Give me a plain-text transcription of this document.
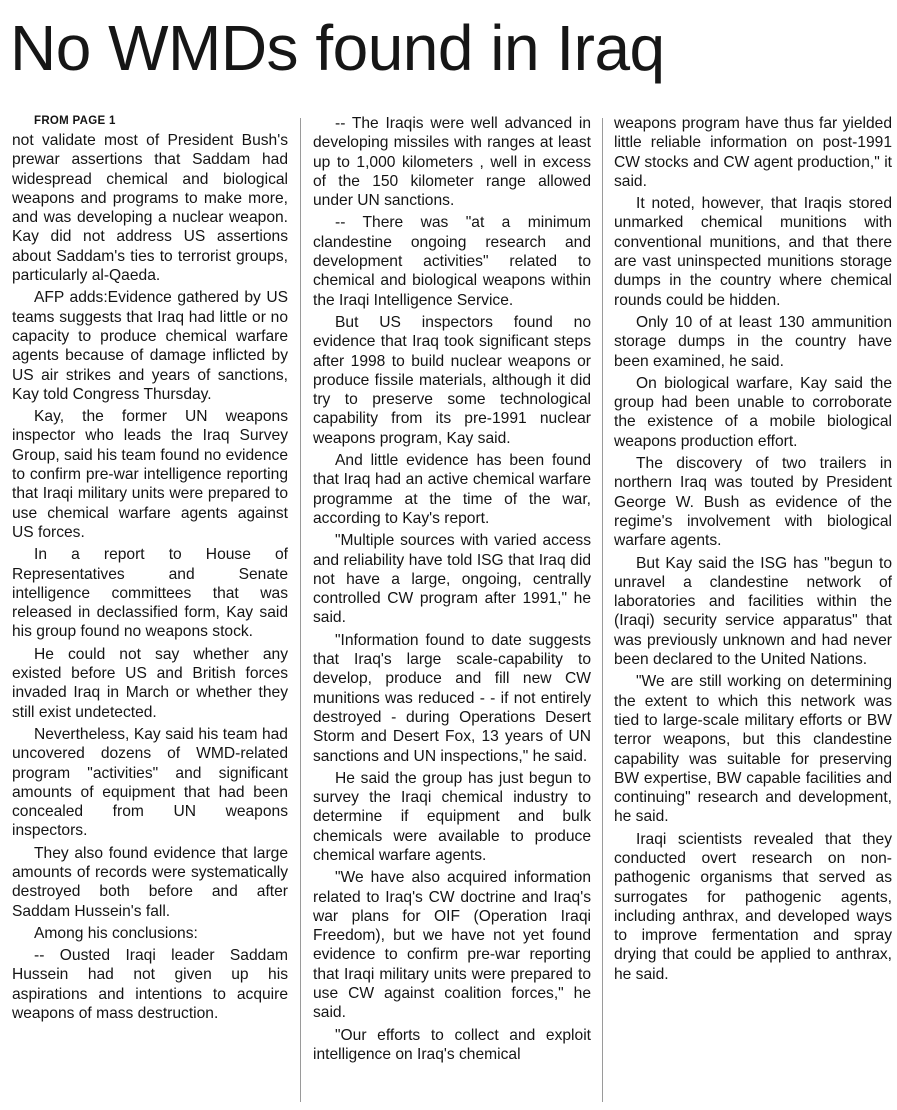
No WMDs found in Iraq

FROM PAGE 1

not validate most of President Bush's prewar assertions that Saddam had widespread chemical and biological weapons and programs to make more, and was developing a nuclear weapon. Kay did not address US assertions about Saddam's ties to terrorist groups, particularly al-Qaeda.

AFP adds:Evidence gathered by US teams suggests that Iraq had little or no capacity to produce chemical warfare agents because of damage inflicted by US air strikes and years of sanctions, Kay told Congress Thursday.

Kay, the former UN weapons inspector who leads the Iraq Survey Group, said his team found no evidence to confirm pre-war intelligence reporting that Iraqi military units were prepared to use chemical warfare agents against US forces.

In a report to House of Representatives and Senate intelligence committees that was released in declassified form, Kay said his group found no weapons stock.

He could not say whether any existed before US and British forces invaded Iraq in March or whether they still exist undetected.

Nevertheless, Kay said his team had uncovered dozens of WMD-related program "activities" and significant amounts of equipment that had been concealed from UN weapons inspectors.

They also found evidence that large amounts of records were systematically destroyed both before and after Saddam Hussein's fall.

Among his conclusions:

-- Ousted Iraqi leader Saddam Hussein had not given up his aspirations and intentions to acquire weapons of mass destruction.

-- The Iraqis were well advanced in developing missiles with ranges at least up to 1,000 kilometers , well in excess of the 150 kilometer range allowed under UN sanctions.

-- There was "at a minimum clandestine ongoing research and development activities" related to chemical and biological weapons within the Iraqi Intelligence Service.

But US inspectors found no evidence that Iraq took significant steps after 1998 to build nuclear weapons or produce fissile materials, although it did try to preserve some technological capability from its pre-1991 nuclear weapons program, Kay said.

And little evidence has been found that Iraq had an active chemical warfare programme at the time of the war, according to Kay's report.

"Multiple sources with varied access and reliability have told ISG that Iraq did not have a large, ongoing, centrally controlled CW program after 1991," he said.

"Information found to date suggests that Iraq's large scale-capability to develop, produce and fill new CW munitions was reduced - - if not entirely destroyed - during Operations Desert Storm and Desert Fox, 13 years of UN sanctions and UN inspections," he said.

He said the group has just begun to survey the Iraqi chemical industry to determine if equipment and bulk chemicals were available to produce chemical warfare agents.

"We have also acquired information related to Iraq's CW doctrine and Iraq's war plans for OIF (Operation Iraqi Freedom), but we have not yet found evidence to confirm pre-war reporting that Iraqi military units were prepared to use CW against coalition forces," he said.

"Our efforts to collect and exploit intelligence on Iraq's chemical

weapons program have thus far yielded little reliable information on post-1991 CW stocks and CW agent production," it said.

It noted, however, that Iraqis stored unmarked chemical munitions with conventional munitions, and that there are vast uninspected munitions storage dumps in the country where chemical rounds could be hidden.

Only 10 of at least 130 ammunition storage dumps in the country have been examined, he said.

On biological warfare, Kay said the group had been unable to corroborate the existence of a mobile biological weapons production effort.

The discovery of two trailers in northern Iraq was touted by President George W. Bush as evidence of the regime's involvement with biological warfare agents.

But Kay said the ISG has "begun to unravel a clandestine network of laboratories and facilities within the (Iraqi) security service apparatus" that was previously unknown and had never been declared to the United Nations.

"We are still working on determining the extent to which this network was tied to large-scale military efforts or BW terror weapons, but this clandestine capability was suitable for preserving BW expertise, BW capable facilities and continuing" research and development, he said.

Iraqi scientists revealed that they conducted overt research on non-pathogenic organisms that served as surrogates for pathogenic agents, including anthrax, and developed ways to improve fermentation and spray drying that could be applied to anthrax, he said.
